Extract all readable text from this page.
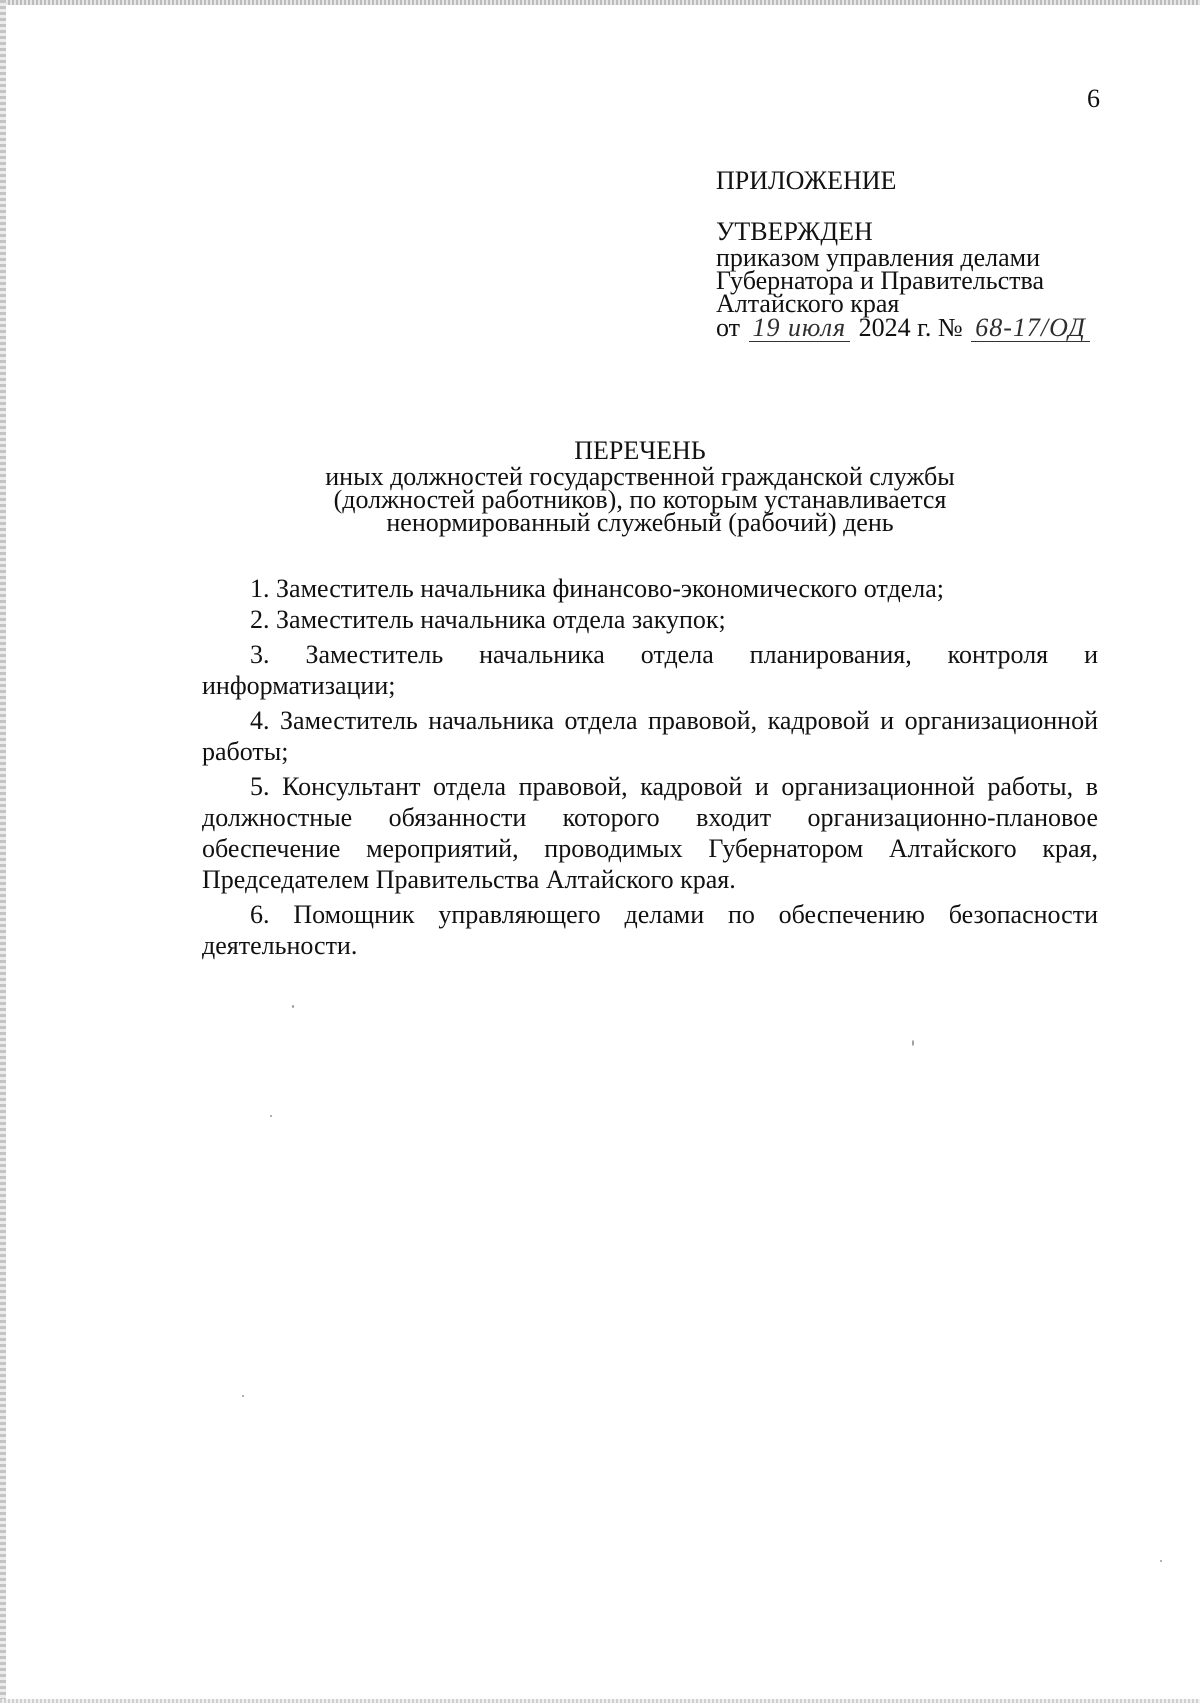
6
ПРИЛОЖЕНИЕ
УТВЕРЖДЕН
приказом управления делами
Губернатора и Правительства
Алтайского края
от 19 июля 2024 г. № 68-17/ОД
ПЕРЕЧЕНЬ
иных должностей государственной гражданской службы
(должностей работников), по которым устанавливается
ненормированный служебный (рабочий) день

1. Заместитель начальника финансово-экономического отдела;

2. Заместитель начальника отдела закупок;

3. Заместитель начальника отдела планирования, контроля и информатизации;

4. Заместитель начальника отдела правовой, кадровой и организационной работы;

5. Консультант отдела правовой, кадровой и организационной работы, в должностные обязанности которого входит организационно-плановое обеспечение мероприятий, проводимых Губернатором Алтайского края, Председателем Правительства Алтайского края.

6. Помощник управляющего делами по обеспечению безопасности деятельности.
